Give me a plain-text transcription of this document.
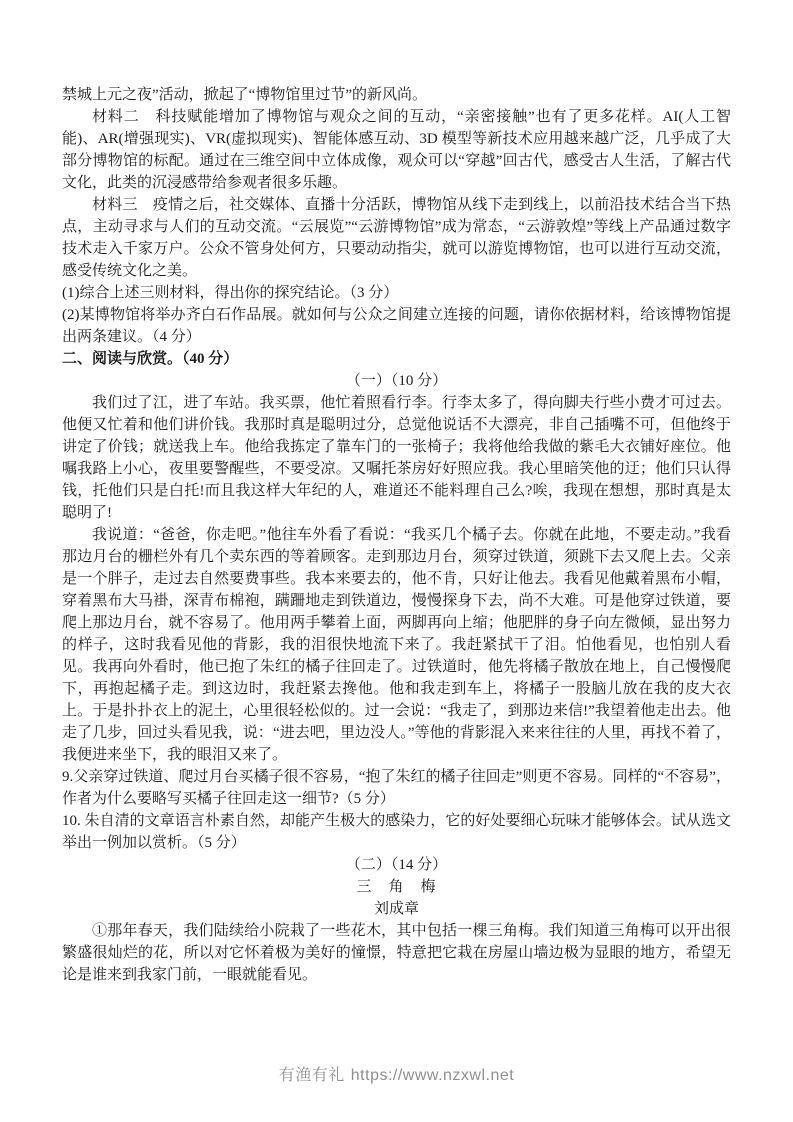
禁城上元之夜”活动，掀起了“博物馆里过节”的新风尚。

材料二　科技赋能增加了博物馆与观众之间的互动，“亲密接触”也有了更多花样。AI(人工智能)、AR(增强现实)、VR(虚拟现实)、智能体感互动、3D 模型等新技术应用越来越广泛，几乎成了大部分博物馆的标配。通过在三维空间中立体成像，观众可以“穿越”回古代，感受古人生活，了解古代文化，此类的沉浸感带给参观者很多乐趣。

材料三　疫情之后，社交媒体、直播十分活跃，博物馆从线下走到线上，以前沿技术结合当下热点，主动寻求与人们的互动交流。“云展览”“云游博物馆”成为常态，“云游敦煌”等线上产品通过数字技术走入千家万户。公众不管身处何方，只要动动指尖，就可以游览博物馆，也可以进行互动交流，感受传统文化之美。

(1)综合上述三则材料，得出你的探究结论。（3 分）

(2)某博物馆将举办齐白石作品展。就如何与公众之间建立连接的问题，请你依据材料，给该博物馆提出两条建议。（4 分）

二、阅读与欣赏。（40 分）

（一）（10 分）

我们过了江，进了车站。我买票，他忙着照看行李。行李太多了，得向脚夫行些小费才可过去。他便又忙着和他们讲价钱。我那时真是聪明过分，总觉他说话不大漂亮，非自己插嘴不可，但他终于讲定了价钱；就送我上车。他给我拣定了靠车门的一张椅子；我将他给我做的紫毛大衣铺好座位。他嘱我路上小心，夜里要警醒些，不要受凉。又嘱托茶房好好照应我。我心里暗笑他的迂；他们只认得钱，托他们只是白托!而且我这样大年纪的人，难道还不能料理自己么?唉，我现在想想，那时真是太聪明了!

我说道：“爸爸，你走吧。”他往车外看了看说：“我买几个橘子去。你就在此地，不要走动。”我看那边月台的栅栏外有几个卖东西的等着顾客。走到那边月台，须穿过铁道，须跳下去又爬上去。父亲是一个胖子，走过去自然要费事些。我本来要去的，他不肯，只好让他去。我看见他戴着黑布小帽，穿着黑布大马褂，深青布棉袍，蹒跚地走到铁道边，慢慢探身下去，尚不大难。可是他穿过铁道，要爬上那边月台，就不容易了。他用两手攀着上面，两脚再向上缩；他肥胖的身子向左微倾，显出努力的样子，这时我看见他的背影，我的泪很快地流下来了。我赶紧拭干了泪。怕他看见，也怕别人看见。我再向外看时，他已抱了朱红的橘子往回走了。过铁道时，他先将橘子散放在地上，自己慢慢爬下，再抱起橘子走。到这边时，我赶紧去搀他。他和我走到车上，将橘子一股脑儿放在我的皮大衣上。于是扑扑衣上的泥土，心里很轻松似的。过一会说：“我走了，到那边来信!”我望着他走出去。他走了几步，回过头看见我，说：“进去吧，里边没人。”等他的背影混入来来往往的人里，再找不着了，我便进来坐下，我的眼泪又来了。

9.父亲穿过铁道、爬过月台买橘子很不容易，“抱了朱红的橘子往回走”则更不容易。同样的“不容易”，作者为什么要略写买橘子往回走这一细节?（5 分）

10. 朱自清的文章语言朴素自然，却能产生极大的感染力，它的好处要细心玩味才能够体会。试从选文举出一例加以赏析。（5 分）

（二）（14 分）

三　角　梅

刘成章

①那年春天，我们陆续给小院栽了一些花木，其中包括一棵三角梅。我们知道三角梅可以开出很繁盛很灿烂的花，所以对它怀着极为美好的憧憬，特意把它栽在房屋山墙边极为显眼的地方，希望无论是谁来到我家门前，一眼就能看见。

有渔有礼 https://www.nzxwl.net
